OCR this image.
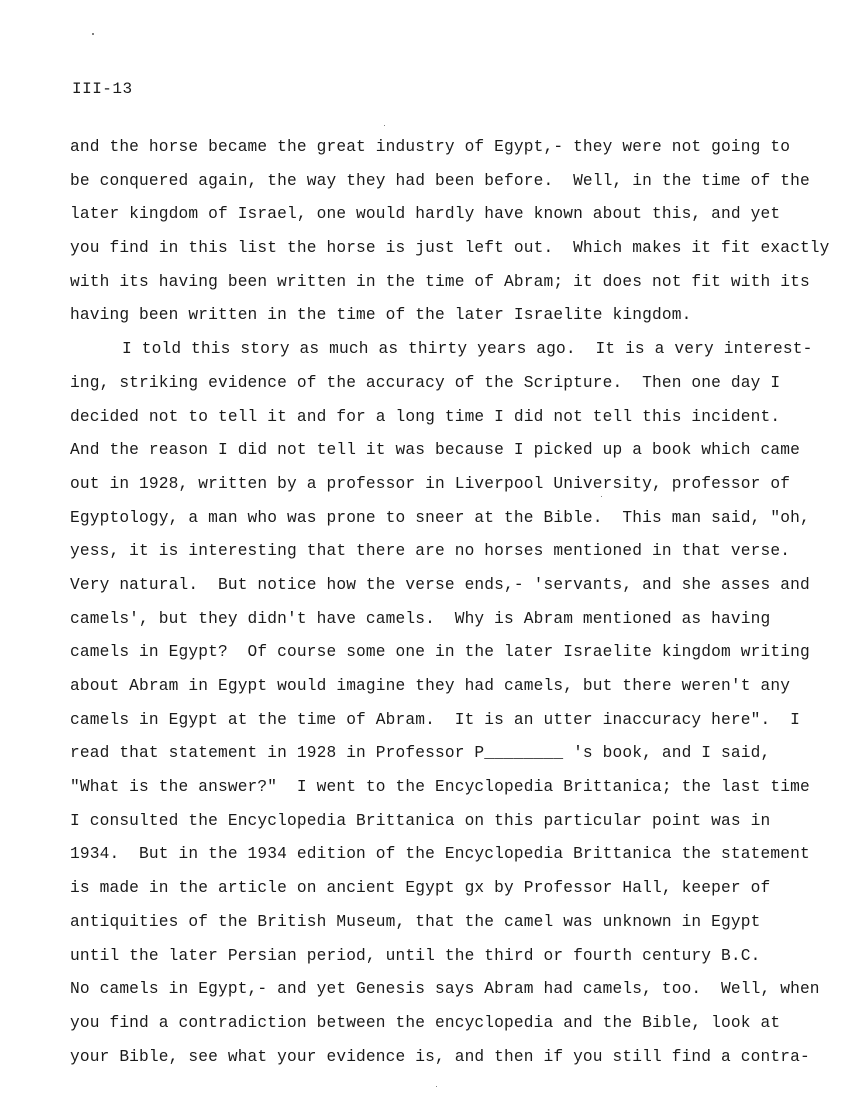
III-13
and the horse became the great industry of Egypt,- they were not going to
be conquered again, the way they had been before.  Well, in the time of the
later kingdom of Israel, one would hardly have known about this, and yet
you find in this list the horse is just left out.  Which makes it fit exactly
with its having been written in the time of Abram; it does not fit with its
having been written in the time of the later Israelite kingdom.
I told this story as much as thirty years ago.  It is a very interest-
ing, striking evidence of the accuracy of the Scripture.  Then one day I
decided not to tell it and for a long time I did not tell this incident.
And the reason I did not tell it was because I picked up a book which came
out in 1928, written by a professor in Liverpool University, professor of
Egyptology, a man who was prone to sneer at the Bible.  This man said, "oh,
yess, it is interesting that there are no horses mentioned in that verse.
Very natural.  But notice how the verse ends,- 'servants, and she asses and
camels', but they didn't have camels.  Why is Abram mentioned as having
camels in Egypt?  Of course some one in the later Israelite kingdom writing
about Abram in Egypt would imagine they had camels, but there weren't any
camels in Egypt at the time of Abram.  It is an utter inaccuracy here".  I
read that statement in 1928 in Professor P________ 's book, and I said,
"What is the answer?"  I went to the Encyclopedia Brittanica; the last time
I consulted the Encyclopedia Brittanica on this particular point was in
1934.  But in the 1934 edition of the Encyclopedia Brittanica the statement
is made in the article on ancient Egypt gx by Professor Hall, keeper of
antiquities of the British Museum, that the camel was unknown in Egypt
until the later Persian period, until the third or fourth century B.C.
No camels in Egypt,- and yet Genesis says Abram had camels, too.  Well, when
you find a contradiction between the encyclopedia and the Bible, look at
your Bible, see what your evidence is, and then if you still find a contra-
